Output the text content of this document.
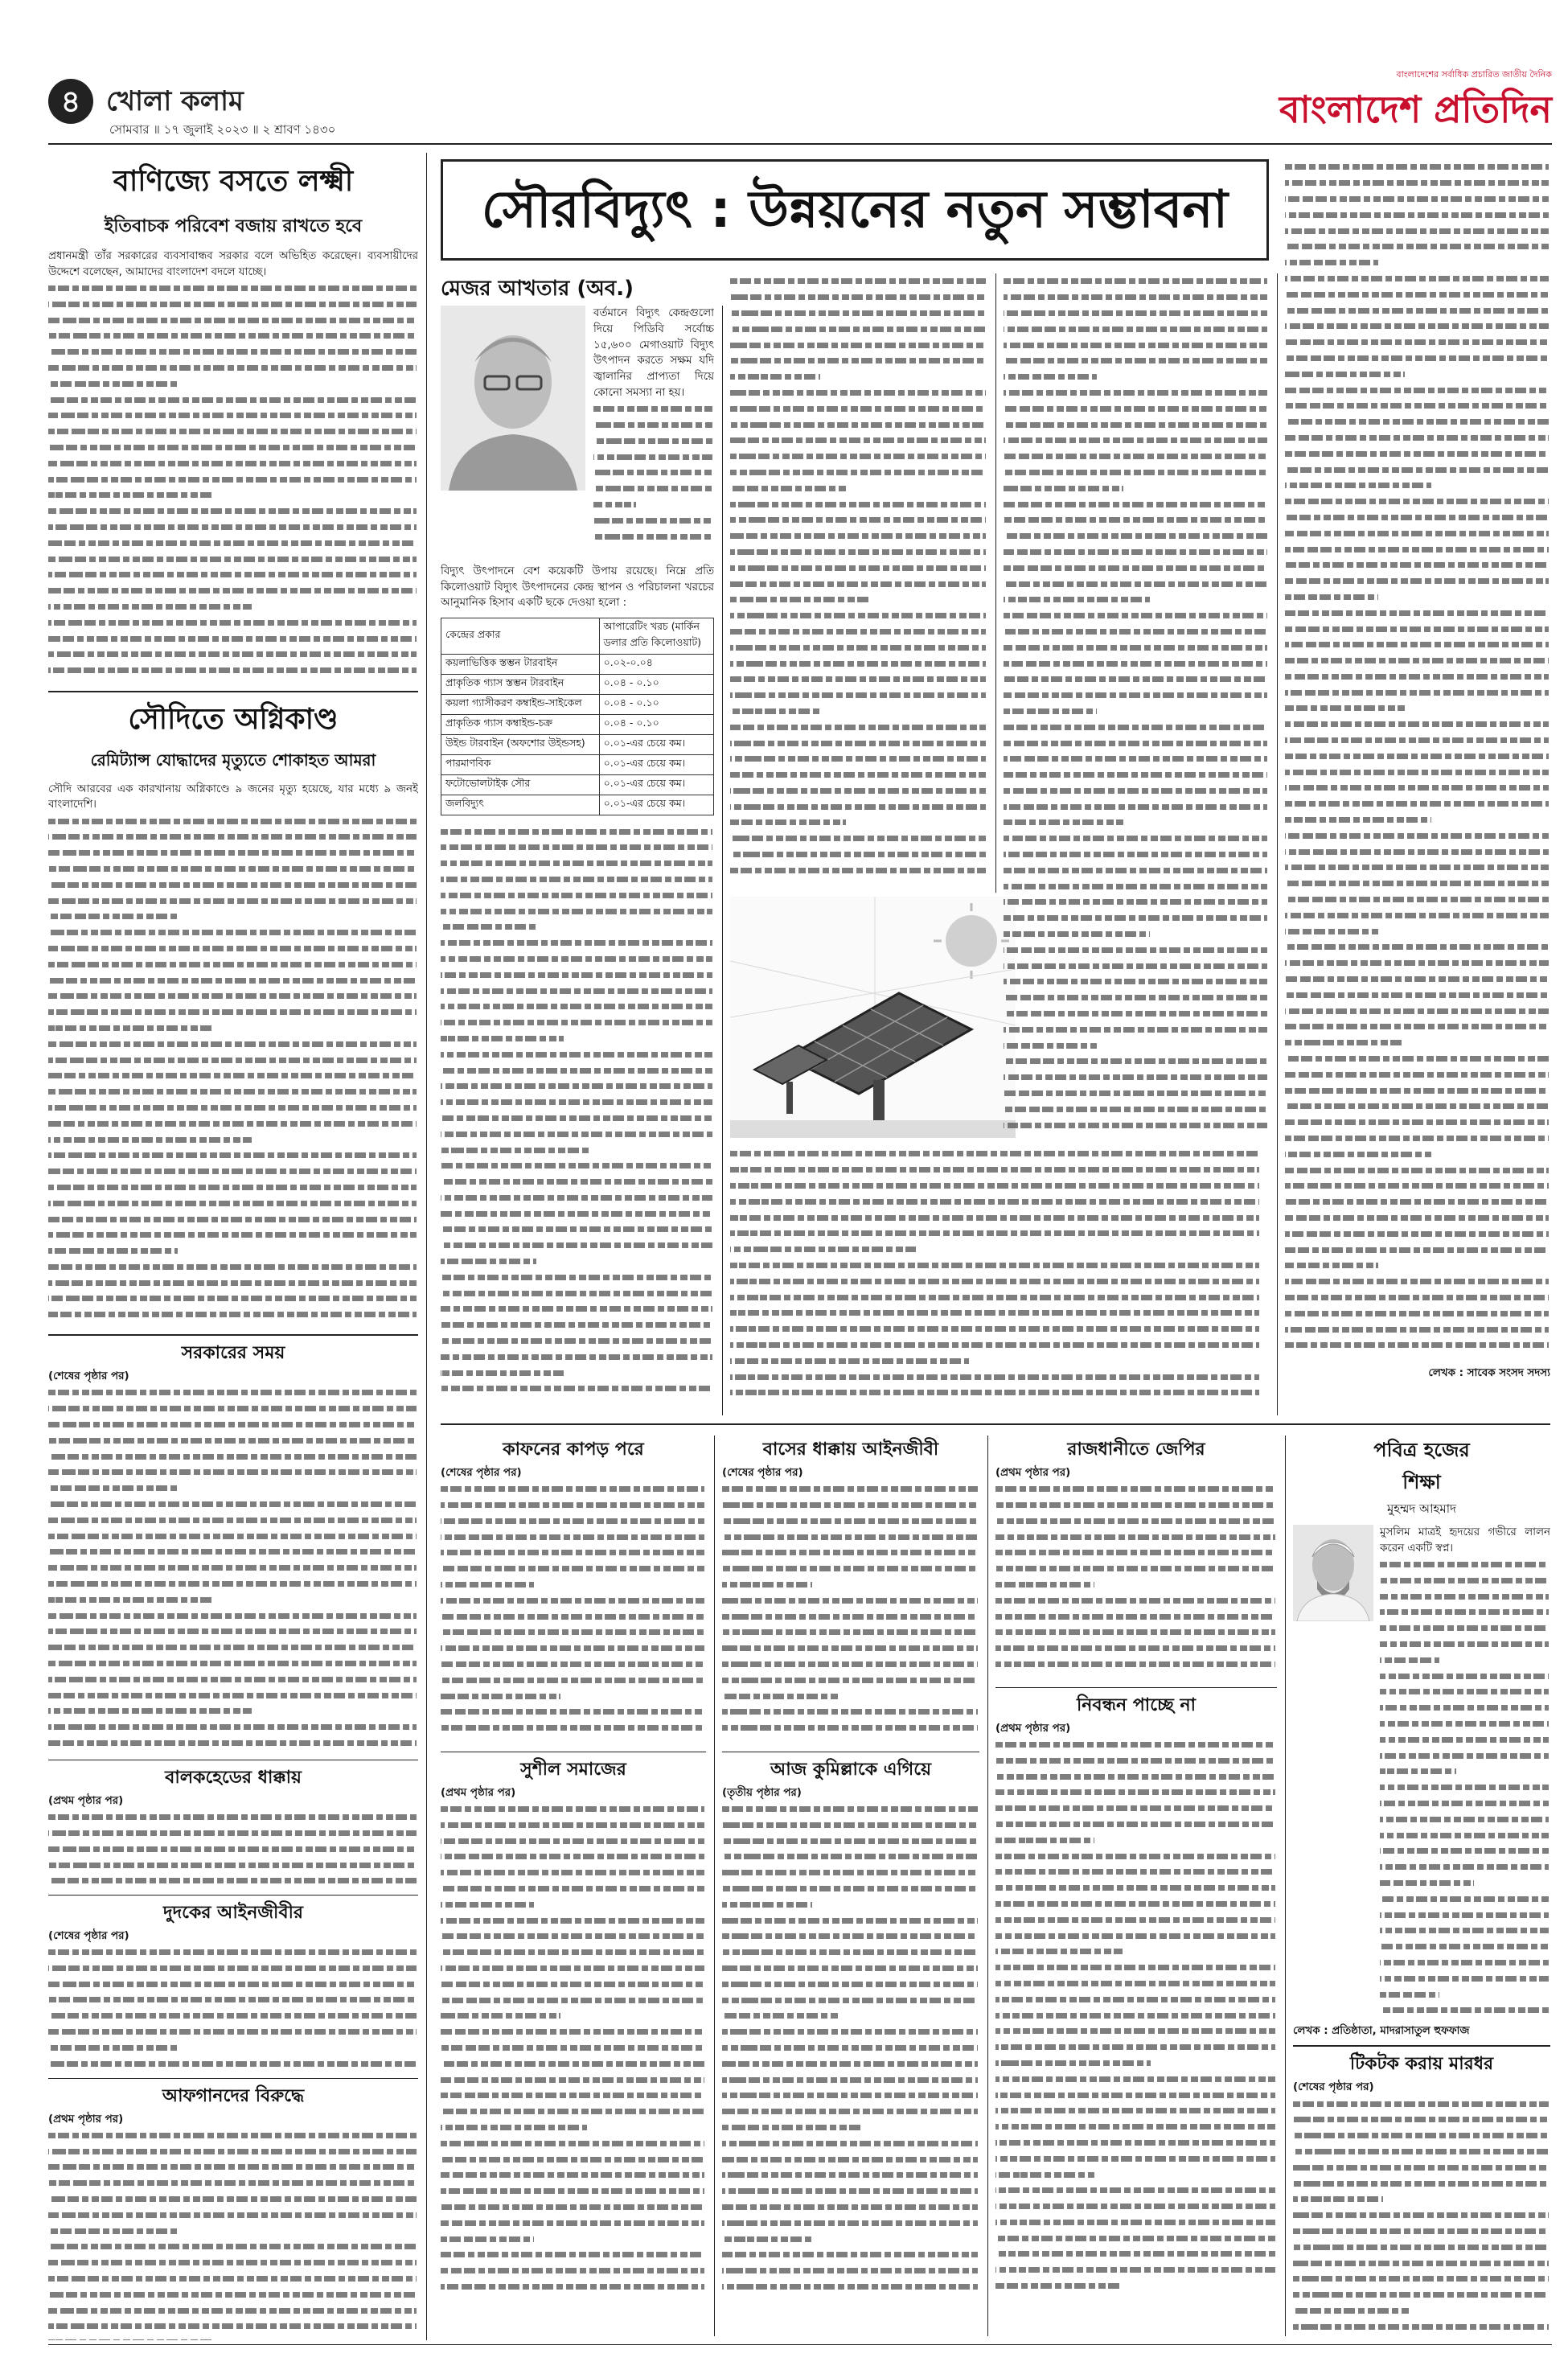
৪ খোলা কলাম
সোমবার ॥ ১৭ জুলাই ২০২৩ ॥ ২ শ্রাবণ ১৪৩০
বাংলাদেশের সর্বাধিক প্রচারিত জাতীয় দৈনিক
বাংলাদেশ প্রতিদিন
বাণিজ্যে বসতে লক্ষ্মী
ইতিবাচক পরিবেশ বজায় রাখতে হবে
প্রধানমন্ত্রী তাঁর সরকারের ব্যবসাবান্ধব সরকার বলে অভিহিত করেছেন। ব্যবসায়ীদের উদ্দেশে বলেছেন, আমাদের বাংলাদেশ বদলে যাচ্ছে।
সৌদিতে অগ্নিকাণ্ড
রেমিট্যান্স যোদ্ধাদের মৃত্যুতে শোকাহত আমরা
সৌদি আরবের এক কারখানায় অগ্নিকাণ্ডে ৯ জনের মৃত্যু হয়েছে, যার মধ্যে ৯ জনই বাংলাদেশি।
সরকারের সময়
(শেষের পৃষ্ঠার পর)
বালকহেডের ধাক্কায়
(প্রথম পৃষ্ঠার পর)
দুদকের আইনজীবীর
(শেষের পৃষ্ঠার পর)
আফগানদের বিরুদ্ধে
(প্রথম পৃষ্ঠার পর)
সৌরবিদ্যুৎ : উন্নয়নের নতুন সম্ভাবনা
মেজর আখতার (অব.)
বর্তমানে বিদ্যুৎ কেন্দ্রগুলো দিয়ে পিডিবি সর্বোচ্চ ১৫,৬০০ মেগাওয়াট বিদ্যুৎ উৎপাদন করতে সক্ষম যদি জ্বালানির প্রাপ্যতা দিয়ে কোনো সমস্যা না হয়।
বিদ্যুৎ উৎপাদনে বেশ কয়েকটি উপায় রয়েছে। নিম্নে প্রতি কিলোওয়াট বিদ্যুৎ উৎপাদনের কেন্দ্র স্থাপন ও পরিচালনা খরচের আনুমানিক হিসাব একটি ছকে দেওয়া হলো :
কেন্দ্রের প্রকার	আপারেটিং খরচ (মার্কিন ডলার প্রতি কিলোওয়াট)
কয়লাভিত্তিক স্তম্ভন টারবাইন	০.০২-০.০৪
প্রাকৃতিক গ্যাস স্তম্ভন টারবাইন	০.০৪ - ০.১০
কয়লা গ্যাসীকরণ কম্বাইন্ড-সাইকেল	০.০৪ - ০.১০
প্রাকৃতিক গ্যাস কম্বাইন্ড-চক্র	০.০৪ - ০.১০
উইন্ড টারবাইন (অফশোর উইন্ডসহ)	০.০১-এর চেয়ে কম।
পারমাণবিক	০.০১-এর চেয়ে কম।
ফটোভোলটাইক সৌর	০.০১-এর চেয়ে কম।
জলবিদ্যুৎ	০.০১-এর চেয়ে কম।
লেখক : সাবেক সংসদ সদস্য
কাফনের কাপড় পরে
(শেষের পৃষ্ঠার পর)
সুশীল সমাজের
(প্রথম পৃষ্ঠার পর)
বাসের ধাক্কায় আইনজীবী
(শেষের পৃষ্ঠার পর)
আজ কুমিল্লাকে এগিয়ে
(তৃতীয় পৃষ্ঠার পর)
রাজধানীতে জেপির
(প্রথম পৃষ্ঠার পর)
নিবন্ধন পাচ্ছে না
(প্রথম পৃষ্ঠার পর)
পবিত্র হজের
শিক্ষা
মুহম্মদ আহমাদ
মুসলিম মাত্রই হৃদয়ের গভীরে লালন করেন একটি স্বপ্ন।
লেখক : প্রতিষ্ঠাতা, মাদরাসাতুল হুফফাজ
টিকটক করায় মারধর
(শেষের পৃষ্ঠার পর)
